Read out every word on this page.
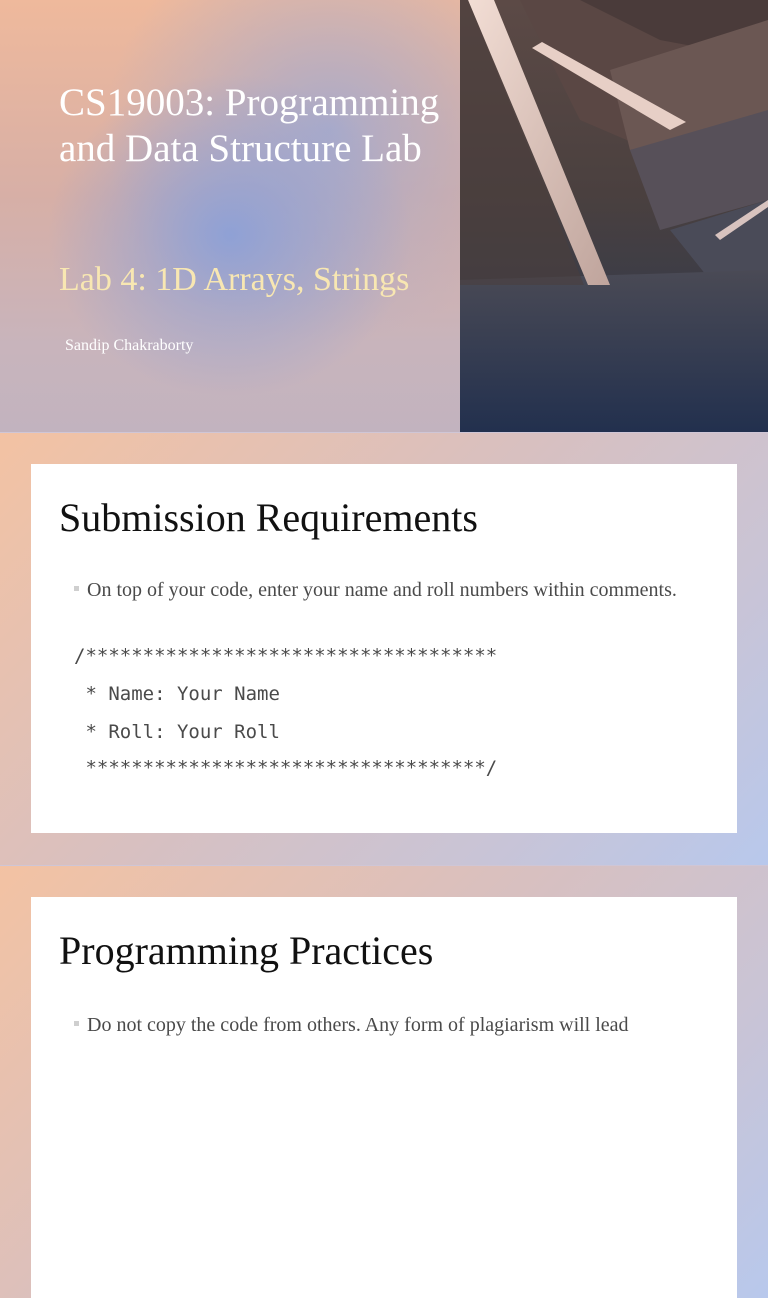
CS19003: Programming and Data Structure Lab
Lab 4: 1D Arrays, Strings
Sandip Chakraborty
Submission Requirements
On top of your code, enter your name and roll numbers within comments.
/************************************
* Name: Your Name
* Roll: Your Roll
***********************************/
Programming Practices
Do not copy the code from others. Any form of plagiarism will lead
